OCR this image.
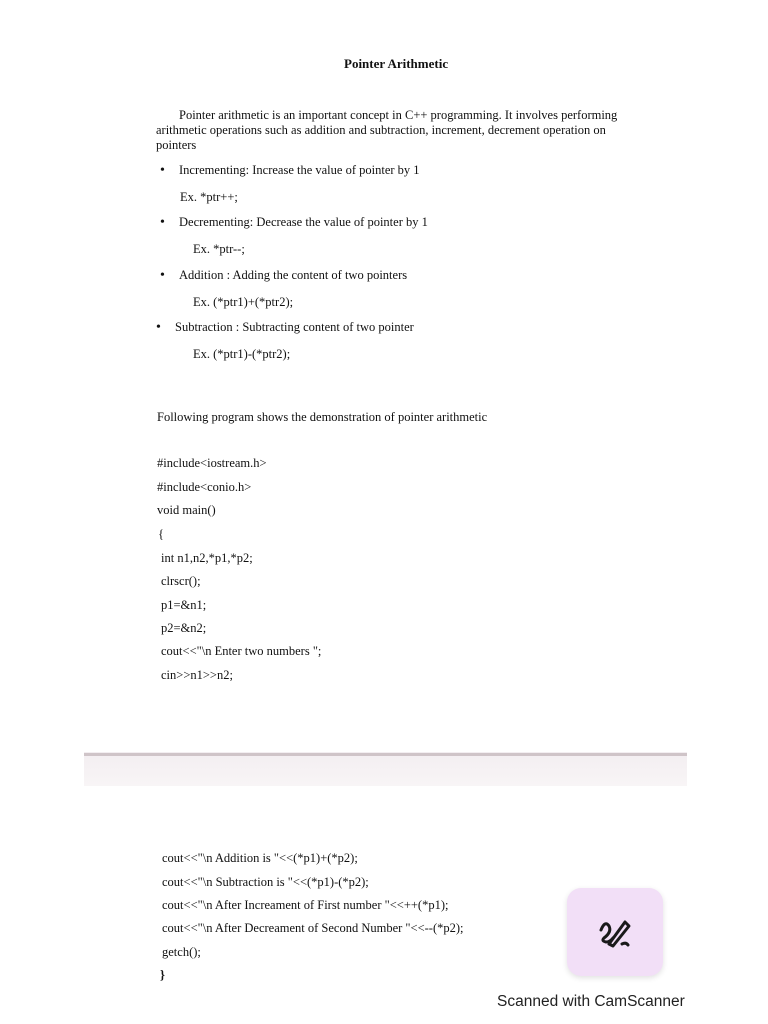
Pointer Arithmetic
Pointer arithmetic is an important concept in C++ programming. It involves performing
arithmetic operations such as addition and subtraction, increment, decrement operation on
pointers
• Incrementing: Increase the value of pointer by 1
Ex. *ptr++;
• Decrementing: Decrease the value of pointer by 1
Ex. *ptr--;
• Addition : Adding the content of two pointers
Ex. (*ptr1)+(*ptr2);
• Subtraction : Subtracting content of two pointer
Ex. (*ptr1)-(*ptr2);
Following program shows the demonstration of pointer arithmetic
#include<iostream.h>
#include<conio.h>
void main()
{
int n1,n2,*p1,*p2;
clrscr();
p1=&n1;
p2=&n2;
cout<<"\n Enter two numbers ";
cin>>n1>>n2;
cout<<"\n Addition is "<<(*p1)+(*p2);
cout<<"\n Subtraction is "<<(*p1)-(*p2);
cout<<"\n After Increament of First number "<<++(*p1);
cout<<"\n After Decreament of Second Number "<<--(*p2);
getch();
}
Scanned with CamScanner
